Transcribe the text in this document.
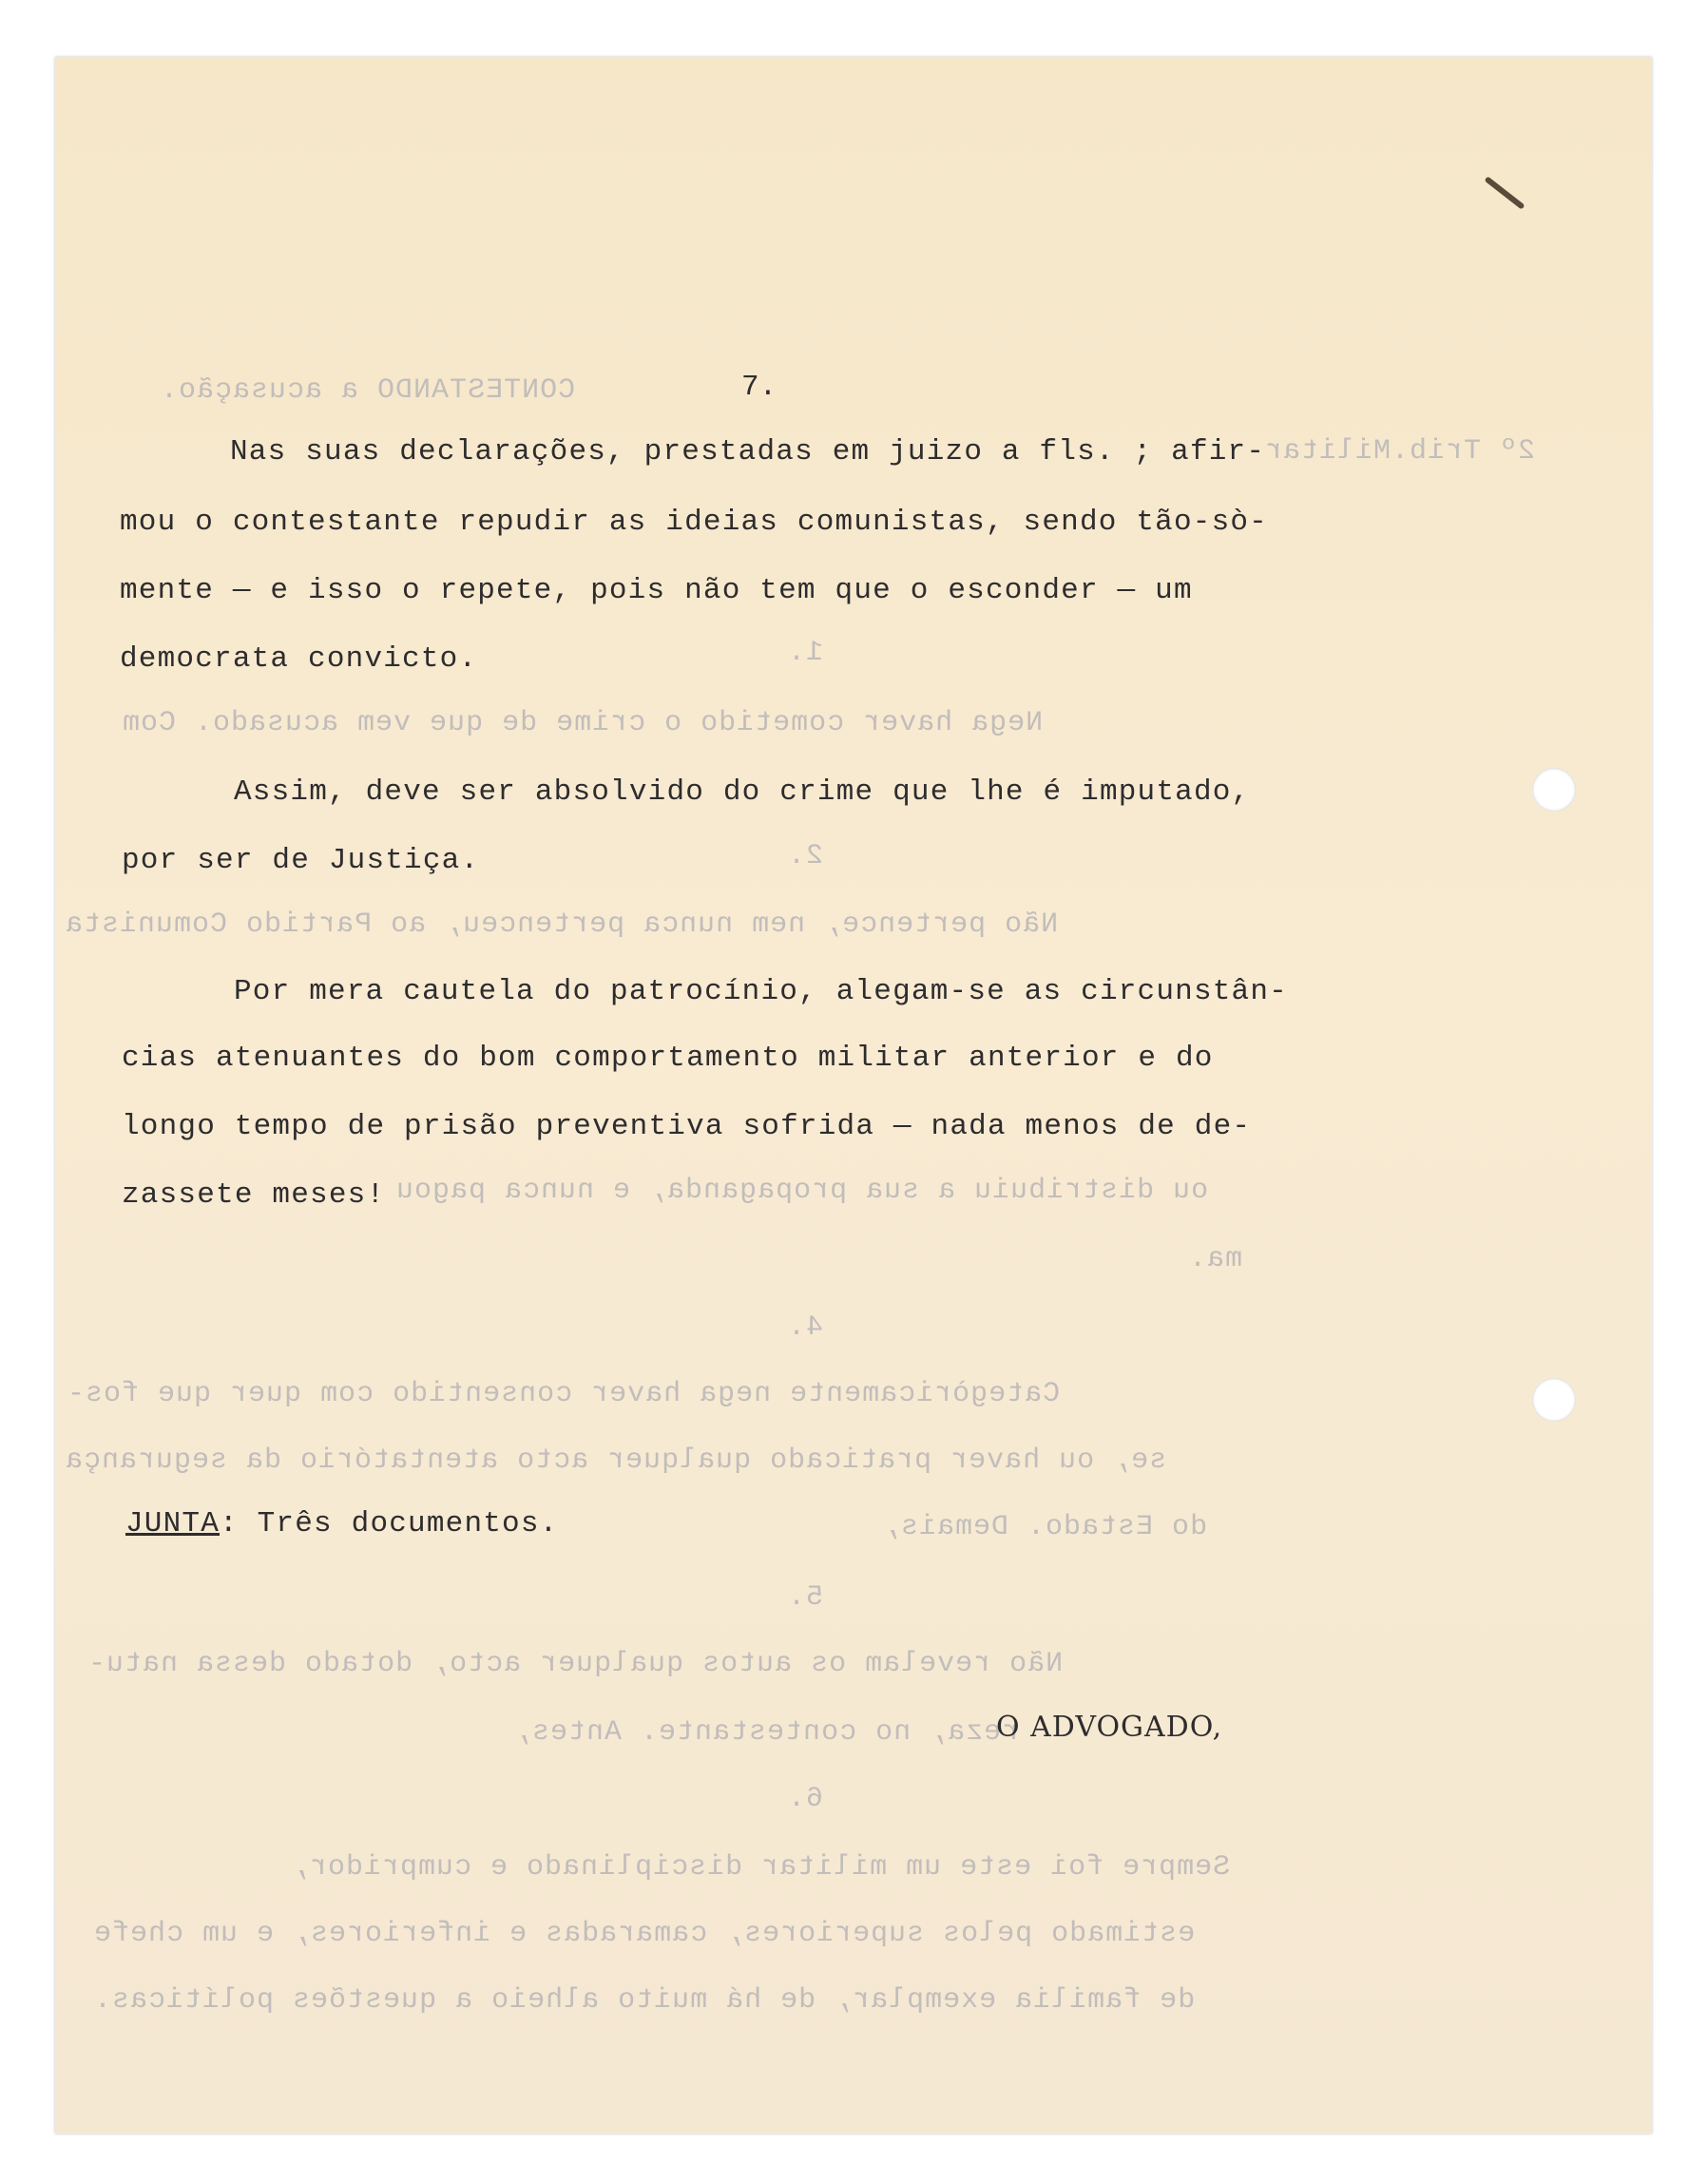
CONTESTANDO a acusação.
2º Trib.Militar
1.
Nega haver cometido o crime de que vem acusado. Com
2.
Não pertence, nem nunca pertenceu, ao Partido Comunista
ou distribuiu a sua propaganda, e nunca pagou
ma.
4.
Categòricamente nega haver consentido com quer que fos-
se, ou haver praticado qualquer acto atentatório da segurança
do Estado. Demais,
5.
Não revelam os autos qualquer acto, dotado dessa natu-
reza, no contestante. Antes,
6.
Sempre foi este um militar disciplinado e cumpridor,
estimado pelos superiores, camaradas e inferiores, e um chefe
de familia exemplar, de há muito alheio a questões políticas.
7.
Nas suas declarações, prestadas em juizo a fls. ; afir-
mou o contestante repudir as ideias comunistas, sendo tão-sò-
mente — e isso o repete, pois não tem que o esconder — um
democrata convicto.
Assim, deve ser absolvido do crime que lhe é imputado,
por ser de Justiça.
Por mera cautela do patrocínio, alegam-se as circunstân-
cias atenuantes do bom comportamento militar anterior e do
longo tempo de prisão preventiva sofrida — nada menos de de-
zassete meses!
JUNTA: Três documentos.
O ADVOGADO,
